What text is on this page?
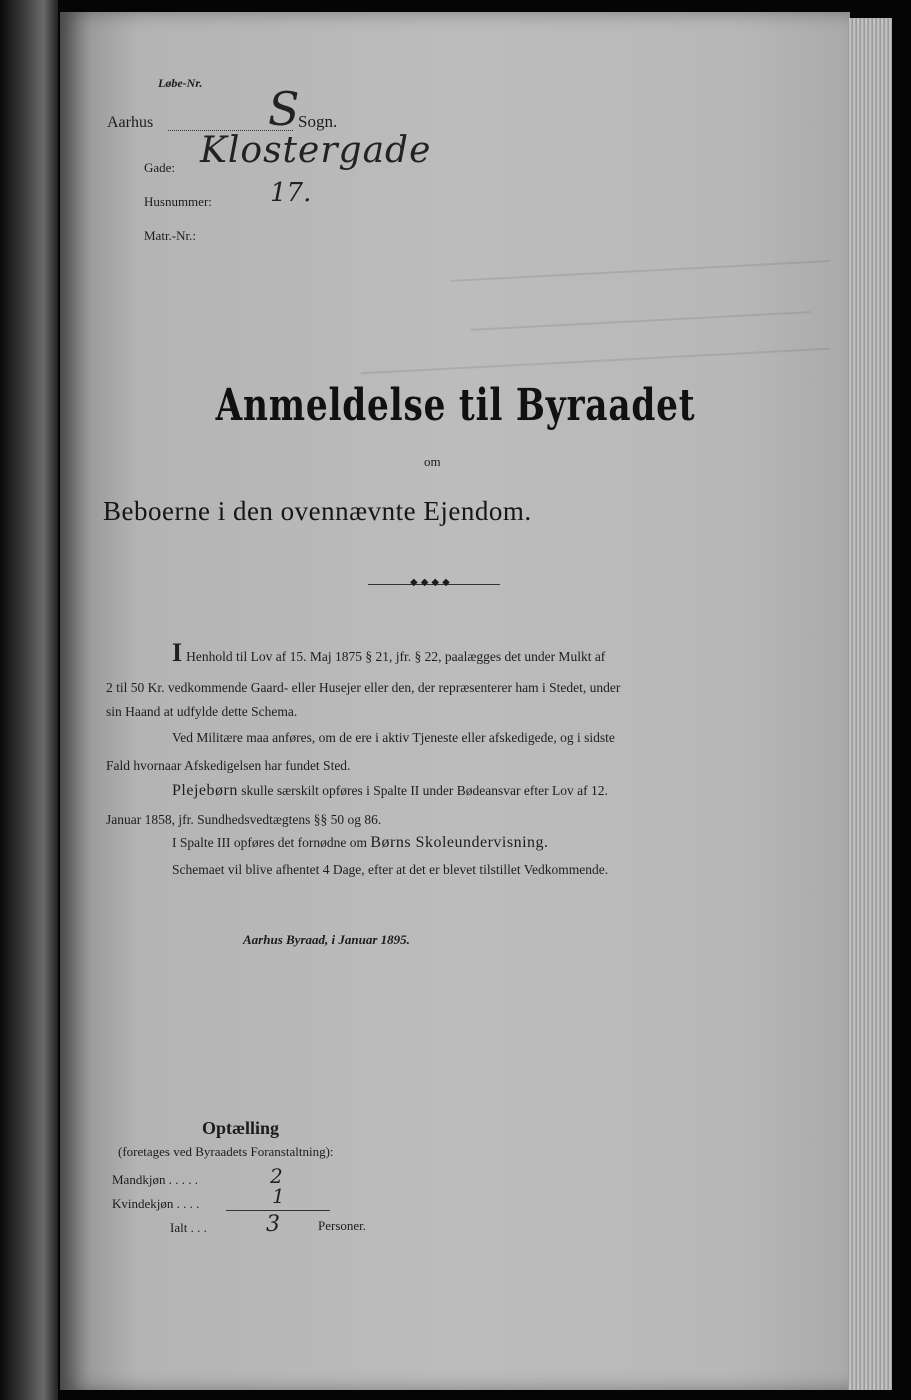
Løbe-Nr.
Aarhus S
Sogn.
Gade: Klostergade
Husnummer: 17.
Matr.-Nr.:
Anmeldelse til Byraadet
om
Beboerne i den ovennævnte Ejendom.
◆◆◆◆

I Henhold til Lov af 15. Maj 1875 § 21, jfr. § 22, paalægges det under Mulkt af

2 til 50 Kr. vedkommende Gaard- eller Husejer eller den, der repræsenterer ham i Stedet, under

sin Haand at udfylde dette Schema.

Ved Militære maa anføres, om de ere i aktiv Tjeneste eller afskedigede, og i sidste

Fald hvornaar Afskedigelsen har fundet Sted.

Plejebørn skulle særskilt opføres i Spalte II under Bødeansvar efter Lov af 12.

Januar 1858, jfr. Sundhedsvedtægtens §§ 50 og 86.

I Spalte III opføres det fornødne om Børns Skoleundervisning.

Schemaet vil blive afhentet 4 Dage, efter at det er blevet tilstillet Vedkommende.

Aarhus Byraad, i Januar 1895.
Optælling
(foretages ved Byraadets Foranstaltning):
Mandkjøn . . . . .	2
Kvindekjøn . . . .	1
Ialt . . .	3	Personer.
